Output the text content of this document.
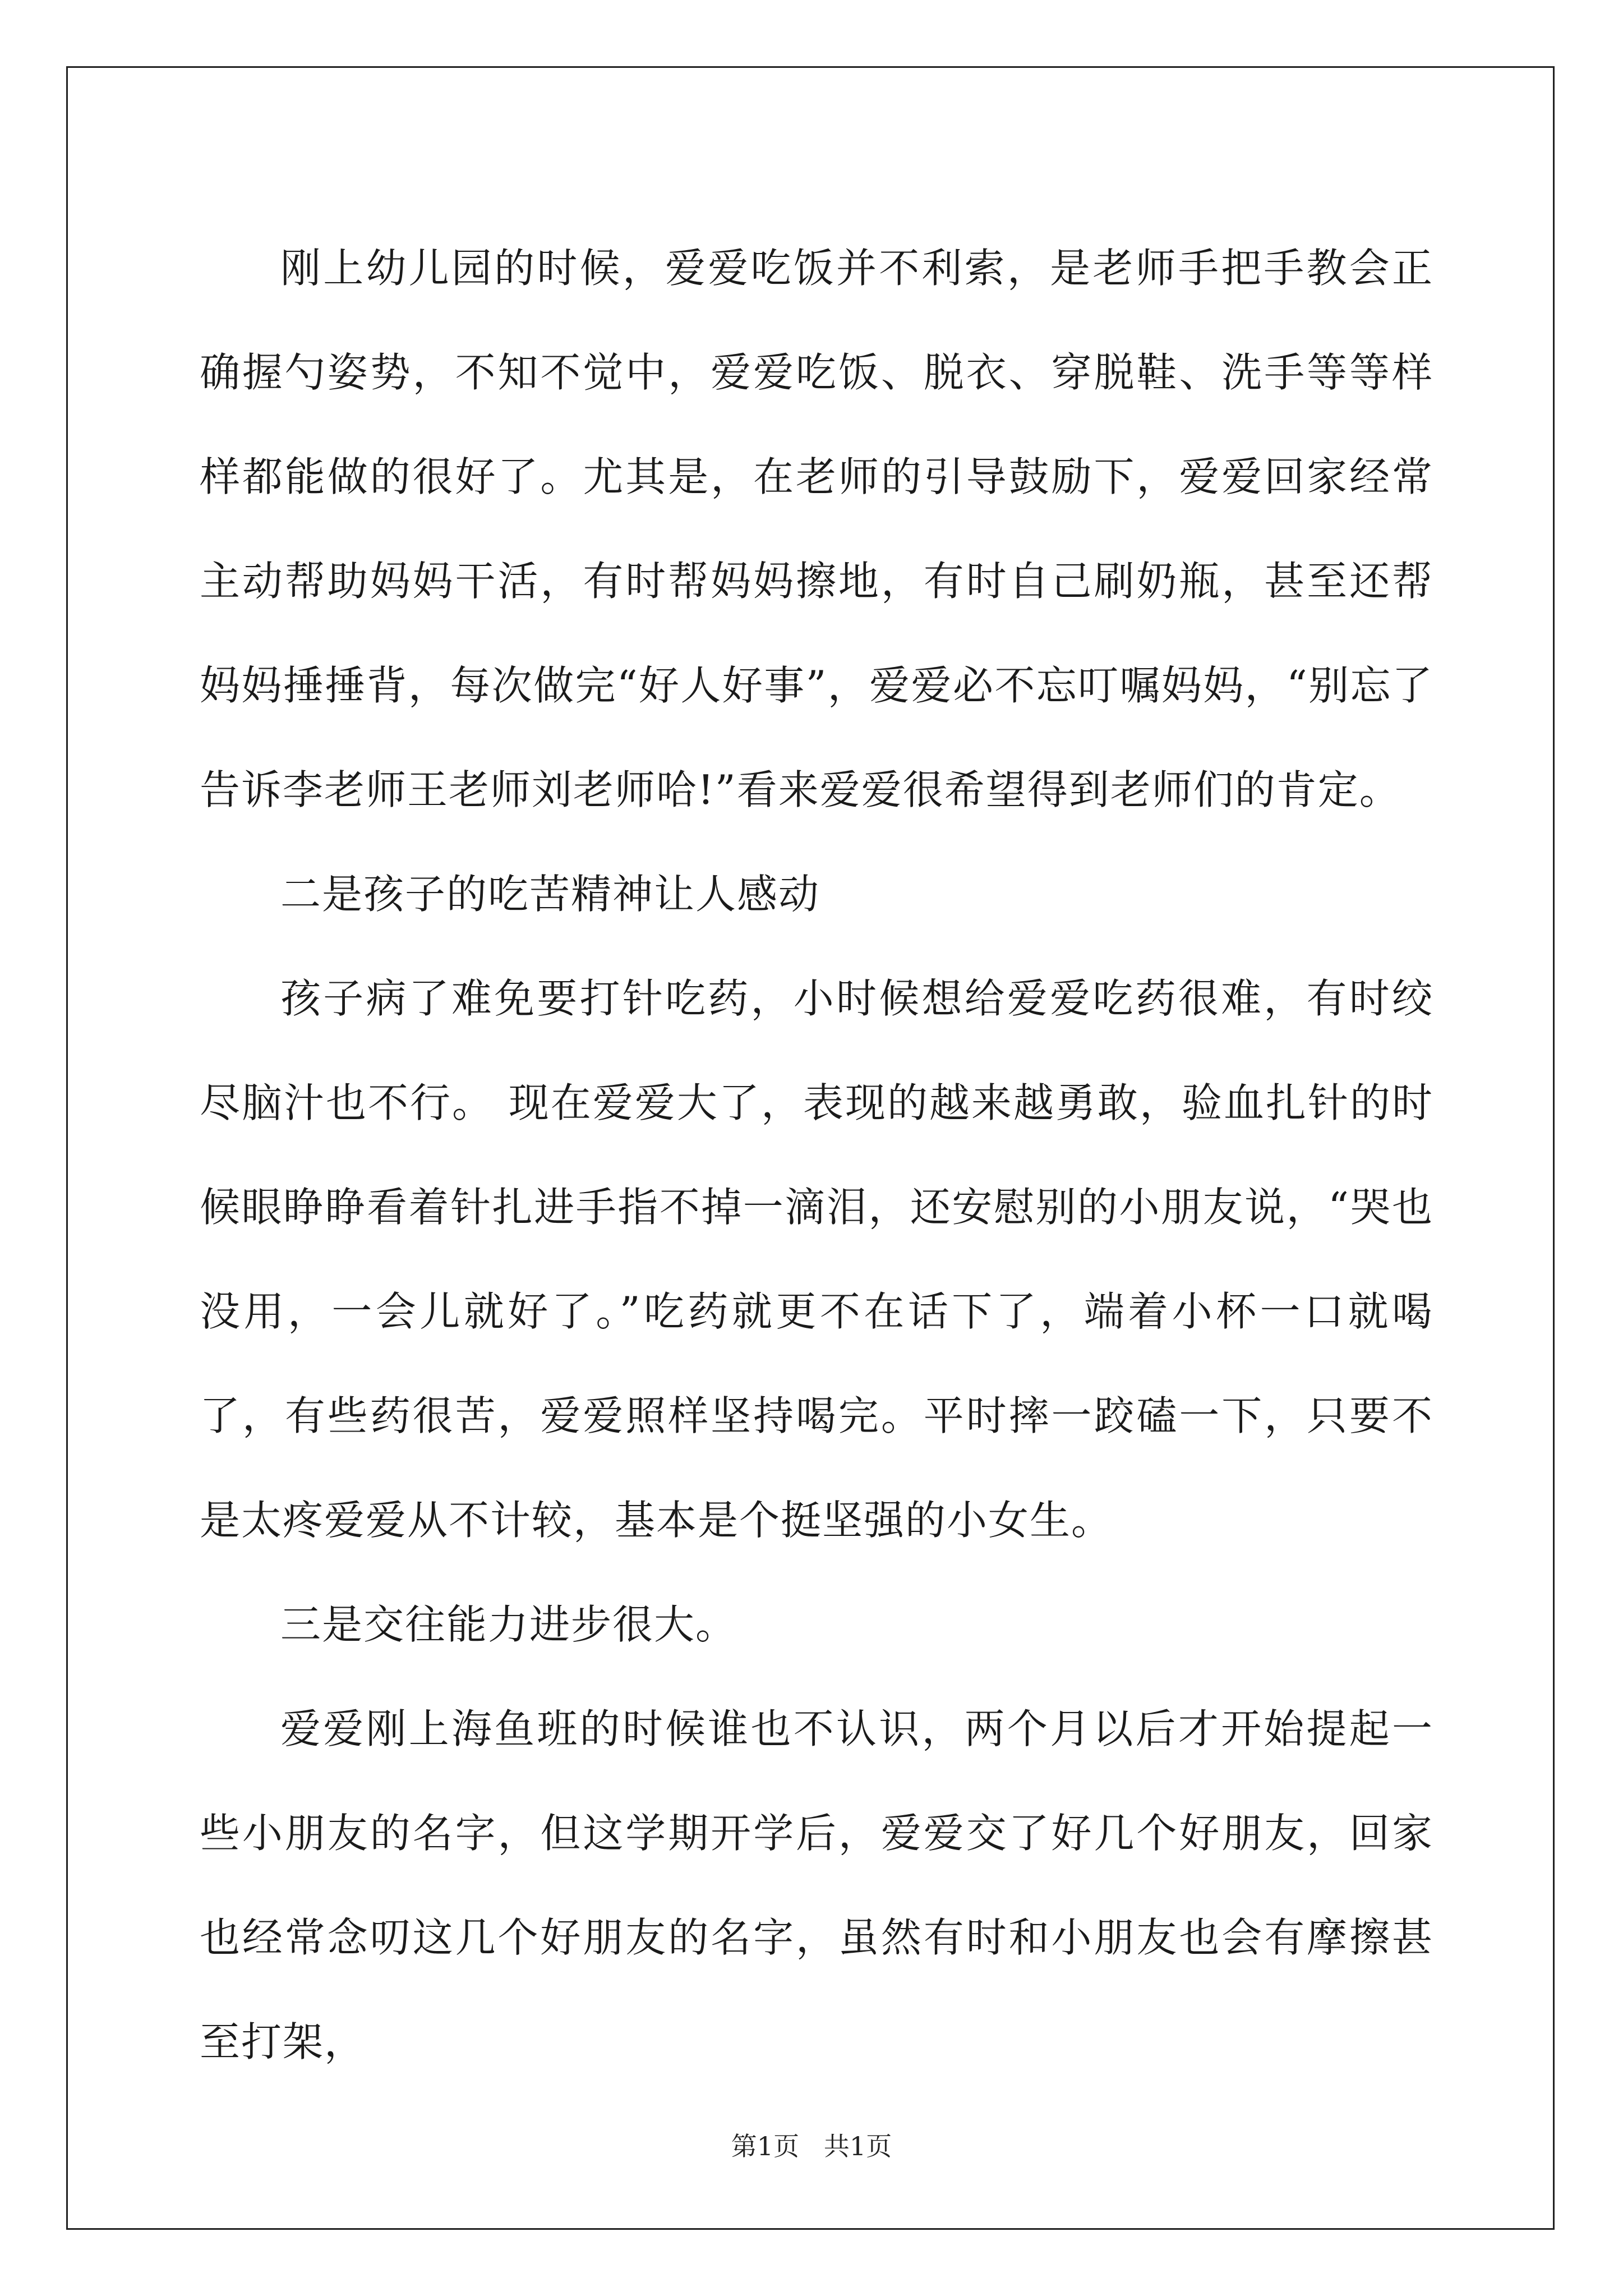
刚上幼儿园的时候，爱爱吃饭并不利索，是老师手把手教会正确握勺姿势，不知不觉中，爱爱吃饭、脱衣、穿脱鞋、洗手等等样样都能做的很好了。尤其是，在老师的引导鼓励下，爱爱回家经常主动帮助妈妈干活，有时帮妈妈擦地，有时自己刷奶瓶，甚至还帮妈妈捶捶背，每次做完“好人好事”，爱爱必不忘叮嘱妈妈，“别忘了告诉李老师王老师刘老师哈!”看来爱爱很希望得到老师们的肯定。

二是孩子的吃苦精神让人感动

孩子病了难免要打针吃药，小时候想给爱爱吃药很难，有时绞尽脑汁也不行。 现在爱爱大了，表现的越来越勇敢，验血扎针的时候眼睁睁看着针扎进手指不掉一滴泪，还安慰别的小朋友说，“哭也没用，一会儿就好了。”吃药就更不在话下了，端着小杯一口就喝了，有些药很苦，爱爱照样坚持喝完。平时摔一跤磕一下，只要不是太疼爱爱从不计较，基本是个挺坚强的小女生。

三是交往能力进步很大。

爱爱刚上海鱼班的时候谁也不认识，两个月以后才开始提起一些小朋友的名字，但这学期开学后，爱爱交了好几个好朋友，回家也经常念叨这几个好朋友的名字，虽然有时和小朋友也会有摩擦甚至打架，

第1页   共1页
